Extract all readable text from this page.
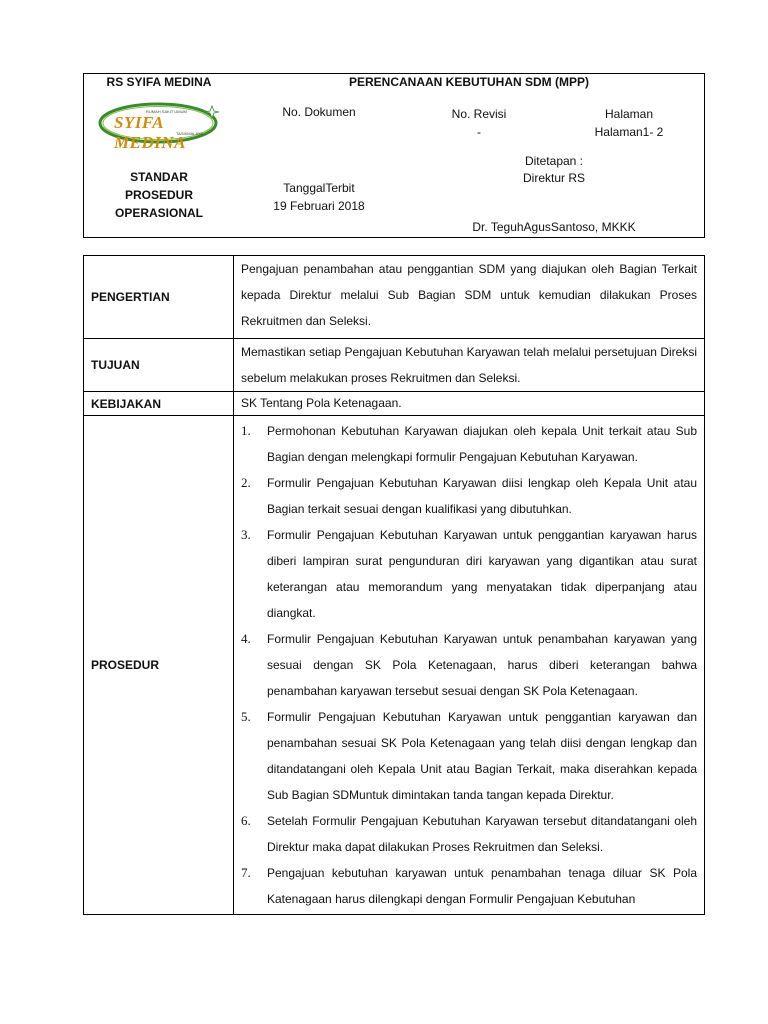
RS SYIFA MEDINA
RUMAH SAKIT UMUM
SYIFA MEDINA
TASIKMALAYA
PERENCANAAN KEBUTUHAN SDM (MPP)
No. Dokumen	No. Revisi
-
Halaman
Halaman1- 2
STANDAR
PROSEDUR
OPERASIONAL
TanggalTerbit
19 Februari 2018
Ditetapan :
Direktur RS
Dr. TeguhAgusSantoso, MKKK
PENGERTIAN
Pengajuan penambahan atau penggantian SDM yang diajukan oleh Bagian Terkait kepada Direktur melalui Sub Bagian SDM untuk kemudian dilakukan Proses Rekruitmen dan Seleksi.
TUJUAN
Memastikan setiap Pengajuan Kebutuhan Karyawan telah melalui persetujuan Direksi sebelum melakukan proses Rekruitmen dan Seleksi.
KEBIJAKAN	SK Tentang Pola Ketenagaan.
PROSEDUR
1. Permohonan Kebutuhan Karyawan diajukan oleh kepala Unit terkait atau Sub Bagian dengan melengkapi formulir Pengajuan Kebutuhan Karyawan.
2. Formulir Pengajuan Kebutuhan Karyawan diisi lengkap oleh Kepala Unit atau Bagian terkait sesuai dengan kualifikasi yang dibutuhkan.
3. Formulir Pengajuan Kebutuhan Karyawan untuk penggantian karyawan harus diberi lampiran surat pengunduran diri karyawan yang digantikan atau surat keterangan atau memorandum yang menyatakan tidak diperpanjang atau diangkat.
4. Formulir Pengajuan Kebutuhan Karyawan untuk penambahan karyawan yang sesuai dengan SK Pola Ketenagaan, harus diberi keterangan bahwa penambahan karyawan tersebut sesuai dengan SK Pola Ketenagaan.
5. Formulir Pengajuan Kebutuhan Karyawan untuk penggantian karyawan dan penambahan sesuai SK Pola Ketenagaan yang telah diisi dengan lengkap dan ditandatangani oleh Kepala Unit atau Bagian Terkait, maka diserahkan kepada Sub Bagian SDMuntuk dimintakan tanda tangan kepada Direktur.
6. Setelah Formulir Pengajuan Kebutuhan Karyawan tersebut ditandatangani oleh Direktur maka dapat dilakukan Proses Rekruitmen dan Seleksi.
7. Pengajuan kebutuhan karyawan untuk penambahan tenaga diluar SK Pola Katenagaan harus dilengkapi dengan Formulir Pengajuan Kebutuhan
